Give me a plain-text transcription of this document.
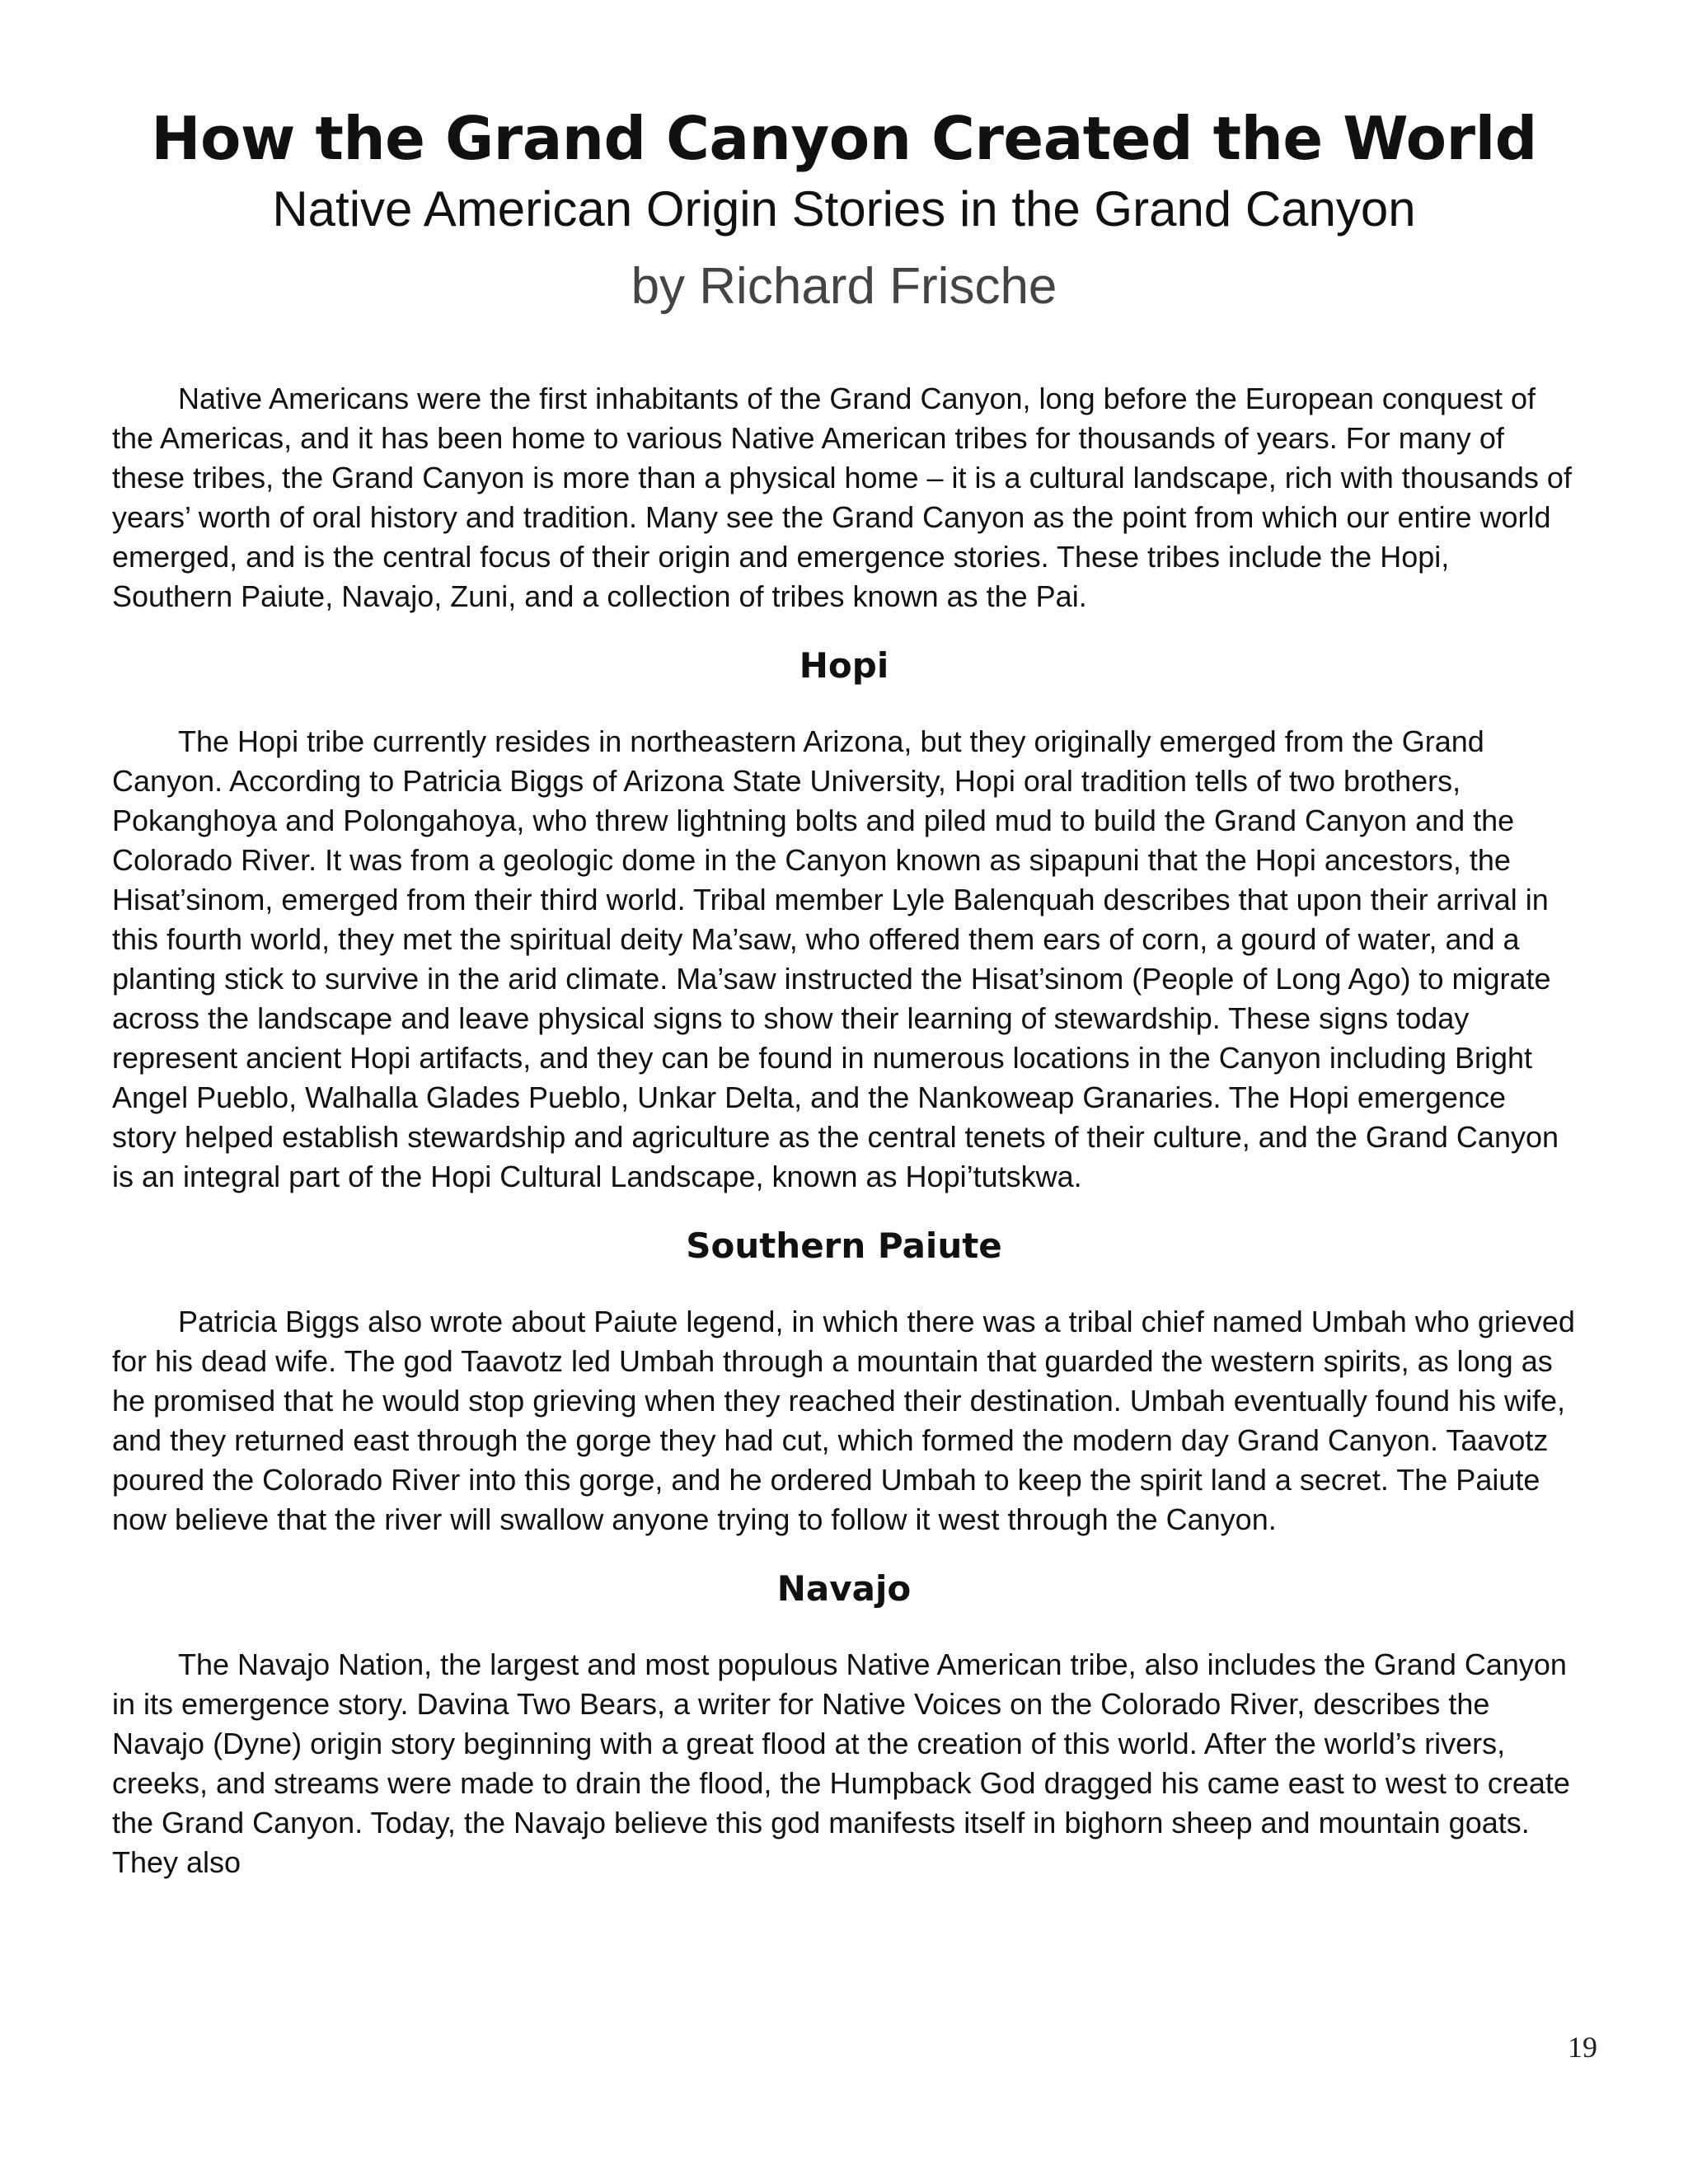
How the Grand Canyon Created the World
Native American Origin Stories in the Grand Canyon
by Richard Frische

Native Americans were the first inhabitants of the Grand Canyon, long before the European conquest of the Americas, and it has been home to various Native American tribes for thousands of years. For many of these tribes, the Grand Canyon is more than a physical home – it is a cultural landscape, rich with thousands of years’ worth of oral history and tradition. Many see the Grand Canyon as the point from which our entire world emerged, and is the central focus of their origin and emergence stories. These tribes include the Hopi, Southern Paiute, Navajo, Zuni, and a collection of tribes known as the Pai.

Hopi

The Hopi tribe currently resides in northeastern Arizona, but they originally emerged from the Grand Canyon. According to Patricia Biggs of Arizona State University, Hopi oral tradition tells of two brothers, Pokanghoya and Polongahoya, who threw lightning bolts and piled mud to build the Grand Canyon and the Colorado River. It was from a geologic dome in the Canyon known as sipapuni that the Hopi ancestors, the Hisat’sinom, emerged from their third world. Tribal member Lyle Balenquah describes that upon their arrival in this fourth world, they met the spiritual deity Ma’saw, who offered them ears of corn, a gourd of water, and a planting stick to survive in the arid climate. Ma’saw instructed the Hisat’sinom (People of Long Ago) to migrate across the landscape and leave physical signs to show their learning of stewardship. These signs today represent ancient Hopi artifacts, and they can be found in numerous locations in the Canyon including Bright Angel Pueblo, Walhalla Glades Pueblo, Unkar Delta, and the Nankoweap Granaries. The Hopi emergence story helped establish stewardship and agriculture as the central tenets of their culture, and the Grand Canyon is an integral part of the Hopi Cultural Landscape, known as Hopi’tutskwa.

Southern Paiute

Patricia Biggs also wrote about Paiute legend, in which there was a tribal chief named Umbah who grieved for his dead wife. The god Taavotz led Umbah through a mountain that guarded the western spirits, as long as he promised that he would stop grieving when they reached their destination. Umbah eventually found his wife, and they returned east through the gorge they had cut, which formed the modern day Grand Canyon. Taavotz poured the Colorado River into this gorge, and he ordered Umbah to keep the spirit land a secret. The Paiute now believe that the river will swallow anyone trying to follow it west through the Canyon.

Navajo

The Navajo Nation, the largest and most populous Native American tribe, also includes the Grand Canyon in its emergence story. Davina Two Bears, a writer for Native Voices on the Colorado River, describes the Navajo (Dyne) origin story beginning with a great flood at the creation of this world. After the world’s rivers, creeks, and streams were made to drain the flood, the Humpback God dragged his came east to west to create the Grand Canyon. Today, the Navajo believe this god manifests itself in bighorn sheep and mountain goats. They also

19
